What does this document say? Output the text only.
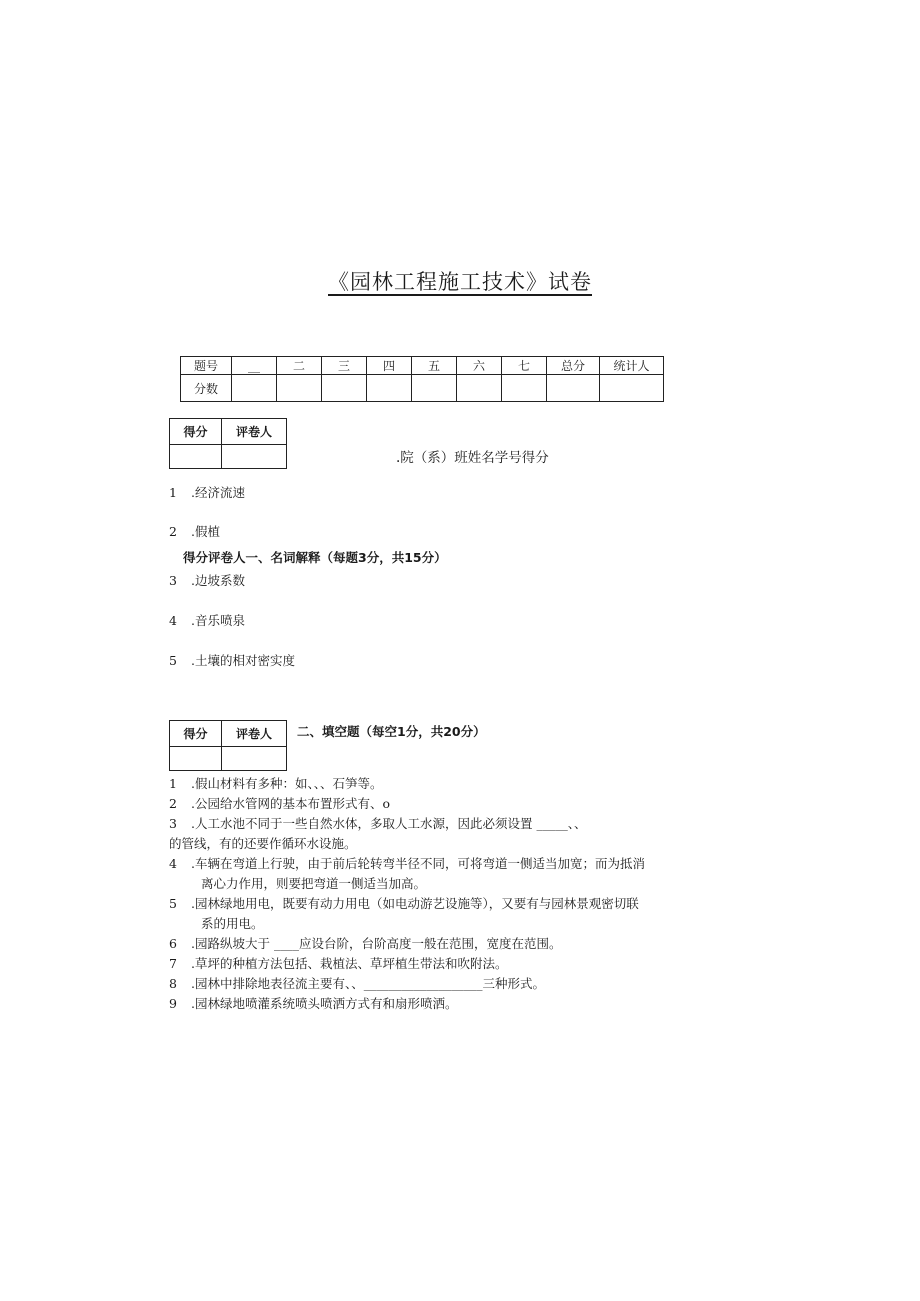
《园林工程施工技术》试卷
题号	__	二	三	四	五	六	七	总分	统计人
分数									
得分	评卷人

.院（系）班姓名学号得分
1 .经济流速
2 .假植
得分评卷人一、名词解释（每题3分，共15分）
3 .边坡系数
4 .音乐喷泉
5 .土壤的相对密实度
得分	评卷人
	二、填空题（每空1分，共20分）
1 .假山材料有多种：如、、、石笋等。
2 .公园给水管网的基本布置形式有、o
3 .人工水池不同于一些自然水体，多取人工水源，因此必须设置 _____、、
的管线，有的还要作循环水设施。
4 .车辆在弯道上行驶，由于前后轮转弯半径不同，可将弯道一侧适当加宽；而为抵消
离心力作用，则要把弯道一侧适当加高。
5 .园林绿地用电，既要有动力用电（如电动游艺设施等），又要有与园林景观密切联
系的用电。
6 .园路纵坡大于 ____应设台阶，台阶高度一般在范围，宽度在范围。
7 .草坪的种植方法包括、栽植法、草坪植生带法和吹附法。
8 .园林中排除地表径流主要有、、___________________三种形式。
9 .园林绿地喷灌系统喷头喷洒方式有和扇形喷洒。
